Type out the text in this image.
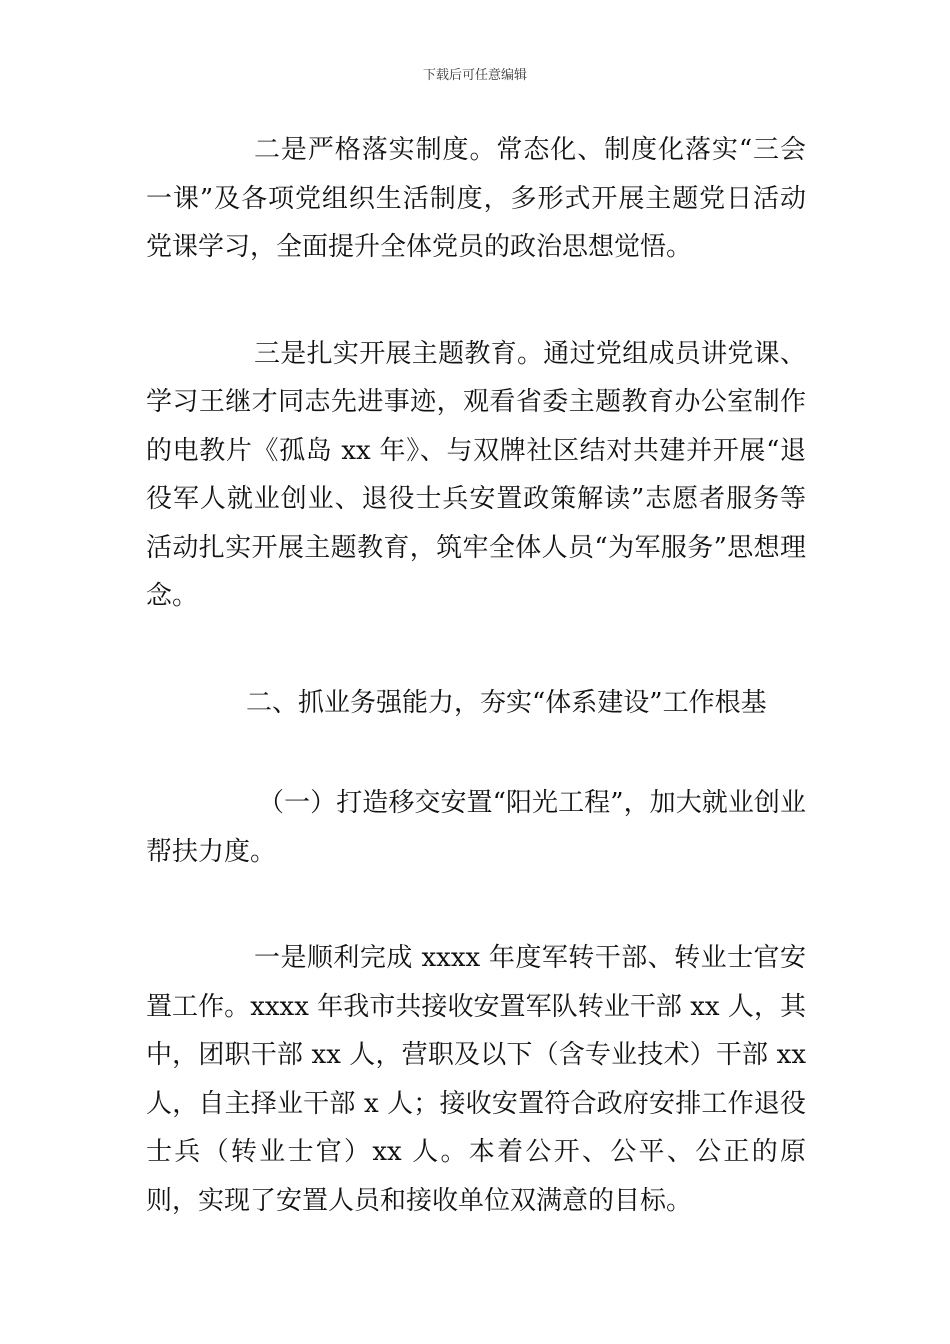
下载后可任意编辑

二是严格落实制度。常态化、制度化落实“三会一课”及各项党组织生活制度，多形式开展主题党日活动党课学习，全面提升全体党员的政治思想觉悟。

三是扎实开展主题教育。通过党组成员讲党课、学习王继才同志先进事迹，观看省委主题教育办公室制作的电教片《孤岛 xx 年》、与双牌社区结对共建并开展“退役军人就业创业、退役士兵安置政策解读”志愿者服务等活动扎实开展主题教育，筑牢全体人员“为军服务”思想理念。

二、抓业务强能力，夯实“体系建设”工作根基

（一）打造移交安置“阳光工程”，加大就业创业帮扶力度。

一是顺利完成 xxxx 年度军转干部、转业士官安置工作。xxxx 年我市共接收安置军队转业干部 xx 人，其中，团职干部 xx 人，营职及以下（含专业技术）干部 xx 人，自主择业干部 x 人；接收安置符合政府安排工作退役士兵（转业士官）xx 人。本着公开、公平、公正的原则，实现了安置人员和接收单位双满意的目标。
